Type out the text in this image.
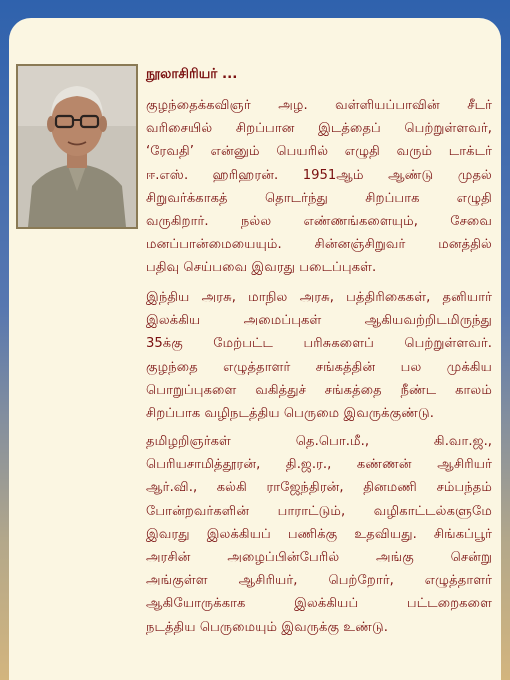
நூலாசிரியர் ...

குழந்தைக்கவிஞர் அழ. வள்ளியப்பாவின் சீடர்
வரிசையில் சிறப்பான இடத்தைப் பெற்றுள்ளவர்,
‘ரேவதி’ என்னும் பெயரில் எழுதி வரும் டாக்டர்
ஈ.எஸ். ஹரிஹரன். 1951ஆம் ஆண்டு முதல்
சிறுவர்க்காகத் தொடர்ந்து சிறப்பாக எழுதி
வருகிறார். நல்ல எண்ணங்களையும், சேவை
மனப்பான்மையையும். சின்னஞ்சிறுவர் மனத்தில்
பதிவு செய்பவை இவரது படைப்புகள்.

இந்திய அரசு, மாநில அரசு, பத்திரிகைகள், தனியார்
இலக்கிய அமைப்புகள் ஆகியவற்றிடமிருந்து
35க்கு மேற்பட்ட பரிசுகளைப் பெற்றுள்ளவர்.
குழந்தை எழுத்தாளர் சங்கத்தின் பல முக்கிய
பொறுப்புகளை வகித்துச் சங்கத்தை நீண்ட காலம்
சிறப்பாக வழிநடத்திய பெருமை இவருக்குண்டு.

தமிழறிஞர்கள் தெ.பொ.மீ., கி.வா.ஜ.,
பெரியசாமித்தூரன், தி.ஜ.ர., கண்ணன் ஆசிரியர்
ஆர்.வி., கல்கி ராஜேந்திரன், தினமணி சம்பந்தம்
போன்றவர்களின் பாராட்டும், வழிகாட்டல்களுமே
இவரது இலக்கியப் பணிக்கு உதவியது. சிங்கப்பூர்
அரசின் அழைப்பின்பேரில் அங்கு சென்று
அங்குள்ள ஆசிரியர், பெற்றோர், எழுத்தாளர்
ஆகியோருக்காக இலக்கியப் பட்டறைகளை
நடத்திய பெருமையும் இவருக்கு உண்டு.
